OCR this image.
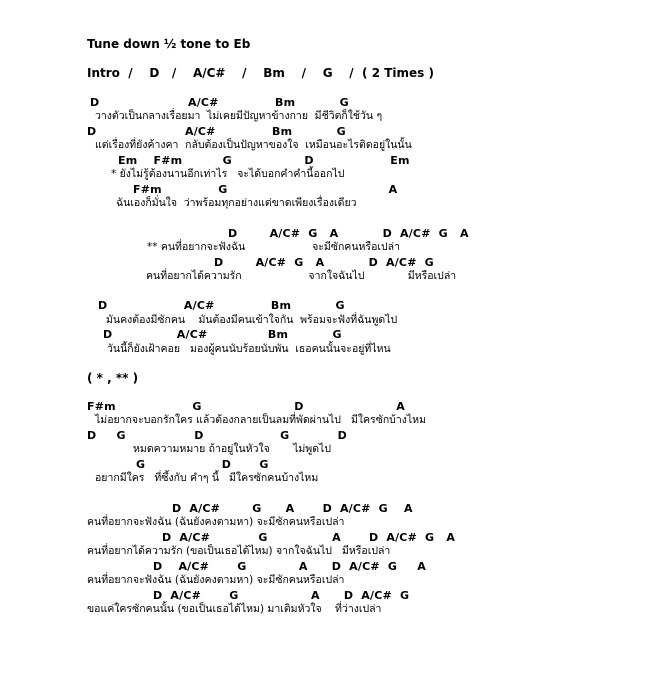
Tune down ½ tone to Eb
Intro  /    D   /    A/C#    /    Bm    /    G    /  ( 2 Times )
D                      A/C#              Bm           G
วางตัวเป็นกลางเรื่อยมา  ไม่เคยมีปัญหาข้างกาย  มีชีวิตก็ใช้วัน ๆ
D                      A/C#              Bm           G
แต่เรื่องที่ยังค้างคา  กลับต้องเป็นปัญหาของใจ  เหมือนอะไรติดอยู่ในนั้น
Em    F#m          G                  D                   Em
* ยังไม่รู้ต้องนานอีกเท่าไร   จะได้บอกคำคำนี้ออกไป
F#m              G                                        A
ฉันเองก็มั่นใจ  ว่าพร้อมทุกอย่างแต่ขาดเพียงเรื่องเดียว
D        A/C#  G   A           D  A/C#  G   A
** คนที่อยากจะฟังฉัน                    จะมีซักคนหรือเปล่า
D        A/C#  G   A           D  A/C#  G
คนที่อยากได้ความรัก                    จากใจฉันไป             มีหรือเปล่า
D                   A/C#              Bm           G
มันคงต้องมีซักคน    มันต้องมีคนเข้าใจกัน  พร้อมจะฟังที่ฉันพูดไป
D                A/C#               Bm           G
วันนี้ก็ยังเฝ้าคอย   มองผู้คนนับร้อยนับพัน  เธอคนนั้นจะอยู่ที่ไหน
( * , ** )
F#m                   G                       D                       A
ไม่อยากจะบอกรักใคร แล้วต้องกลายเป็นลมที่พัดผ่านไป   มีใครซักบ้างไหม
D     G                 D                   G            D
หมดความหมาย ถ้าอยู่ในหัวใจ       ไม่พูดไป
G                   D       G
อยากมีใคร   ที่ซึ้งกับ คำๆ นี้   มีใครซักคนบ้างไหม
D  A/C#        G      A       D  A/C#  G    A
คนที่อยากจะฟังฉัน (ฉันยังคงตามหา) จะมีซักคนหรือเปล่า
D  A/C#            G                A       D  A/C#  G   A
คนที่อยากได้ความรัก (ขอเป็นเธอได้ไหม) จากใจฉันไป   มีหรือเปล่า
D    A/C#       G             A      D  A/C#  G     A
คนที่อยากจะฟังฉัน (ฉันยังคงตามหา) จะมีซักคนหรือเปล่า
D  A/C#       G                  A      D  A/C#  G
ขอแค่ใครซักคนนั้น (ขอเป็นเธอได้ไหม) มาเติมหัวใจ    ที่ว่างเปล่า
